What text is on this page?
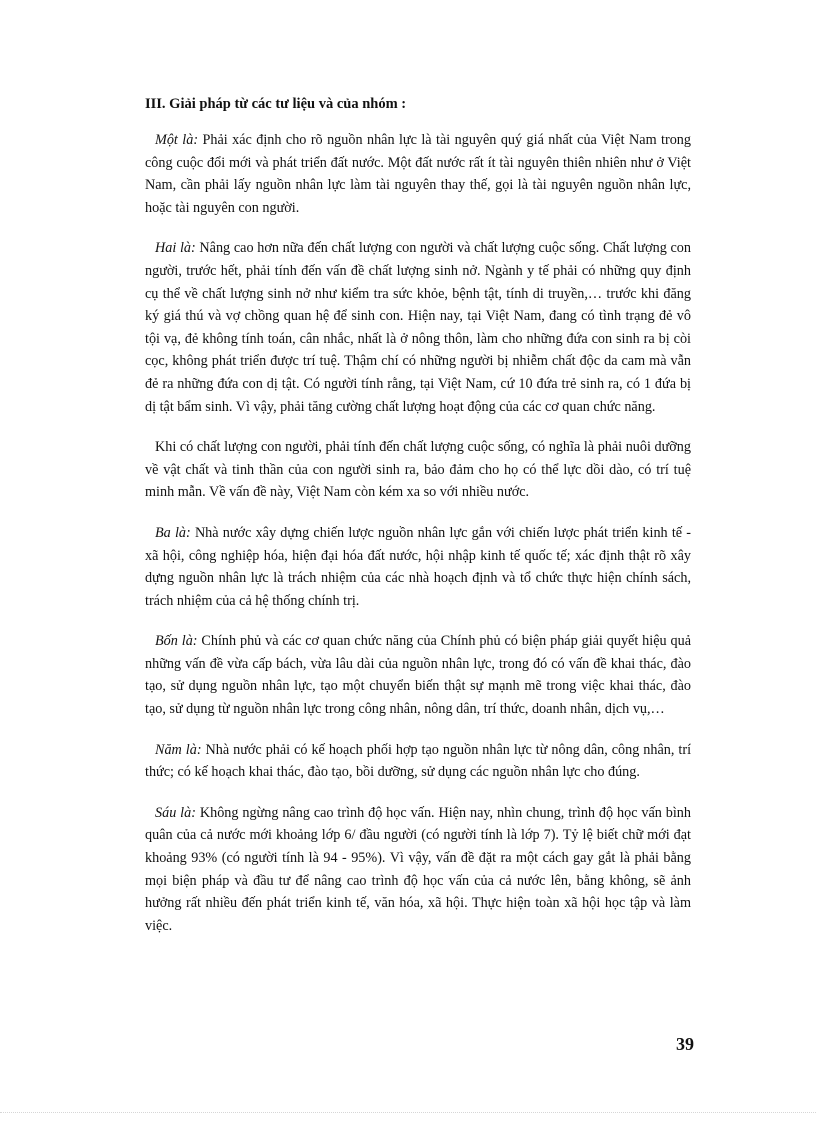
III. Giải pháp từ các tư liệu và của nhóm :

Một là: Phải xác định cho rõ nguồn nhân lực là tài nguyên quý giá nhất của Việt Nam trong công cuộc đổi mới và phát triển đất nước. Một đất nước rất ít tài nguyên thiên nhiên như ở Việt Nam, cần phải lấy nguồn nhân lực làm tài nguyên thay thế, gọi là tài nguyên nguồn nhân lực, hoặc tài nguyên con người.

Hai là: Nâng cao hơn nữa đến chất lượng con người và chất lượng cuộc sống. Chất lượng con người, trước hết, phải tính đến vấn đề chất lượng sinh nở. Ngành y tế phải có những quy định cụ thể về chất lượng sinh nở như kiểm tra sức khỏe, bệnh tật, tính di truyền,… trước khi đăng ký giá thú và vợ chồng quan hệ để sinh con. Hiện nay, tại Việt Nam, đang có tình trạng đẻ vô tội vạ, đẻ không tính toán, cân nhắc, nhất là ở nông thôn, làm cho những đứa con sinh ra bị còi cọc, không phát triển được trí tuệ. Thậm chí có những người bị nhiễm chất độc da cam mà vẫn đẻ ra những đứa con dị tật. Có người tính rằng, tại Việt Nam, cứ 10 đứa trẻ sinh ra, có 1 đứa bị dị tật bẩm sinh. Vì vậy, phải tăng cường chất lượng hoạt động của các cơ quan chức năng.

Khi có chất lượng con người, phải tính đến chất lượng cuộc sống, có nghĩa là phải nuôi dưỡng về vật chất và tinh thần của con người sinh ra, bảo đảm cho họ có thể lực dồi dào, có trí tuệ minh mẫn. Về vấn đề này, Việt Nam còn kém xa so với nhiều nước.

Ba là: Nhà nước xây dựng chiến lược nguồn nhân lực gắn với chiến lược phát triển kinh tế - xã hội, công nghiệp hóa, hiện đại hóa đất nước, hội nhập kinh tế quốc tế; xác định thật rõ xây dựng nguồn nhân lực là trách nhiệm của các nhà hoạch định và tổ chức thực hiện chính sách, trách nhiệm của cả hệ thống chính trị.

Bốn là: Chính phủ và các cơ quan chức năng của Chính phủ có biện pháp giải quyết hiệu quả những vấn đề vừa cấp bách, vừa lâu dài của nguồn nhân lực, trong đó có vấn đề khai thác, đào tạo, sử dụng nguồn nhân lực, tạo một chuyển biến thật sự mạnh mẽ trong việc khai thác, đào tạo, sử dụng từ nguồn nhân lực trong công nhân, nông dân, trí thức, doanh nhân, dịch vụ,…

Năm là: Nhà nước phải có kế hoạch phối hợp tạo nguồn nhân lực từ nông dân, công nhân, trí thức; có kế hoạch khai thác, đào tạo, bồi dưỡng, sử dụng các nguồn nhân lực cho đúng.

Sáu là: Không ngừng nâng cao trình độ học vấn. Hiện nay, nhìn chung, trình độ học vấn bình quân của cả nước mới khoảng lớp 6/ đầu người (có người tính là lớp 7). Tỷ lệ biết chữ mới đạt khoảng 93% (có người tính là 94 - 95%). Vì vậy, vấn đề đặt ra một cách gay gắt là phải bằng mọi biện pháp và đầu tư để nâng cao trình độ học vấn của cả nước lên, bằng không, sẽ ảnh hưởng rất nhiều đến phát triển kinh tế, văn hóa, xã hội. Thực hiện toàn xã hội học tập và làm việc.

39
